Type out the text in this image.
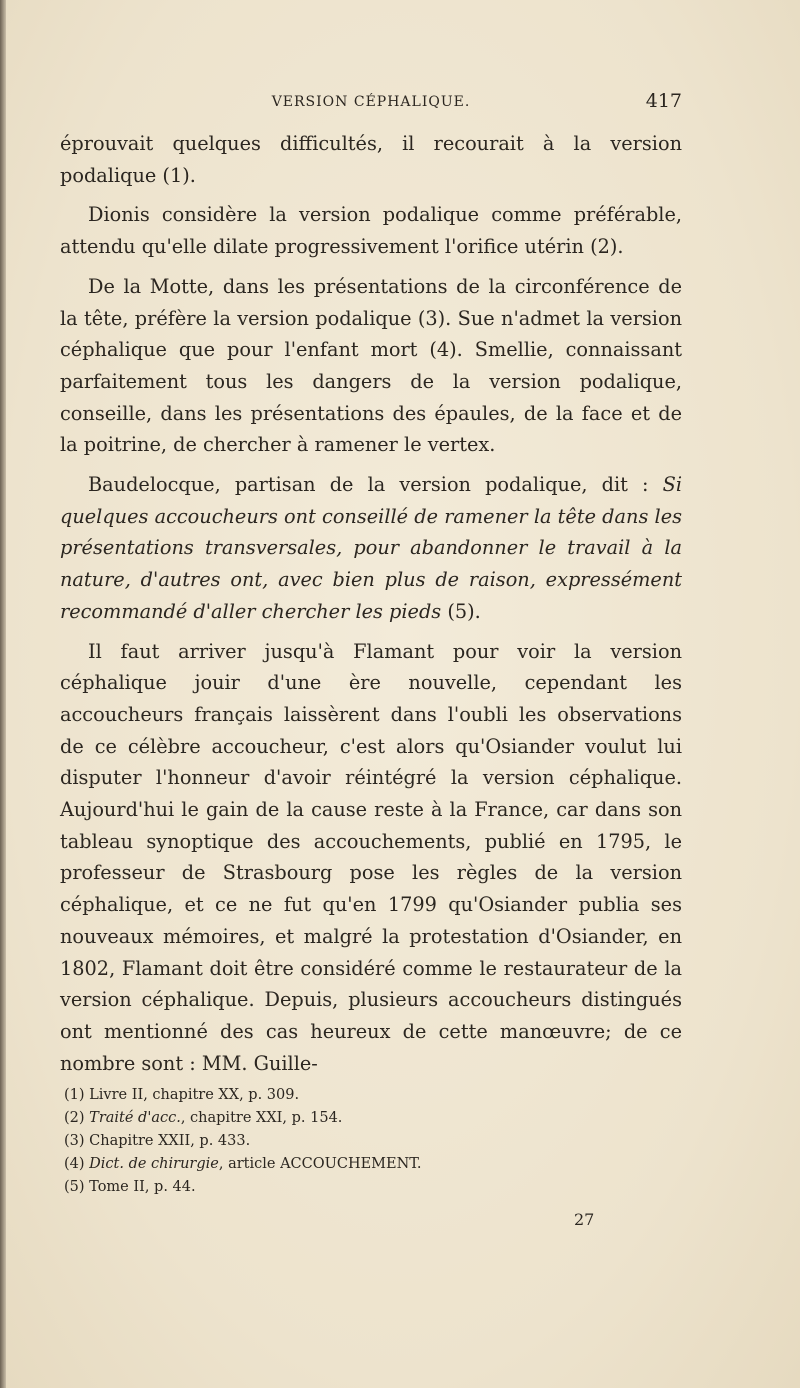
VERSION CÉPHALIQUE.	417

éprouvait quelques difficultés, il recourait à la version podalique (1).

Dionis considère la version podalique comme préférable, attendu qu'elle dilate progressivement l'orifice utérin (2).

De la Motte, dans les présentations de la circonférence de la tête, préfère la version podalique (3). Sue n'admet la version céphalique que pour l'enfant mort (4). Smellie, connaissant parfaitement tous les dangers de la version podalique, conseille, dans les présentations des épaules, de la face et de la poitrine, de chercher à ramener le vertex.

Baudelocque, partisan de la version podalique, dit : Si quelques accoucheurs ont conseillé de ramener la tête dans les présentations transversales, pour abandonner le travail à la nature, d'autres ont, avec bien plus de raison, expressément recommandé d'aller chercher les pieds (5).

Il faut arriver jusqu'à Flamant pour voir la version céphalique jouir d'une ère nouvelle, cependant les accoucheurs français laissèrent dans l'oubli les observations de ce célèbre accoucheur, c'est alors qu'Osiander voulut lui disputer l'honneur d'avoir réintégré la version céphalique. Aujourd'hui le gain de la cause reste à la France, car dans son tableau synoptique des accouchements, publié en 1795, le professeur de Strasbourg pose les règles de la version céphalique, et ce ne fut qu'en 1799 qu'Osiander publia ses nouveaux mémoires, et malgré la protestation d'Osiander, en 1802, Flamant doit être considéré comme le restaurateur de la version céphalique. Depuis, plusieurs accoucheurs distingués ont mentionné des cas heureux de cette manœuvre; de ce nombre sont : MM. Guille-

(1) Livre II, chapitre XX, p. 309.
(2) Traité d'acc., chapitre XXI, p. 154.
(3) Chapitre XXII, p. 433.
(4) Dict. de chirurgie, article ACCOUCHEMENT.
(5) Tome II, p. 44.
27
